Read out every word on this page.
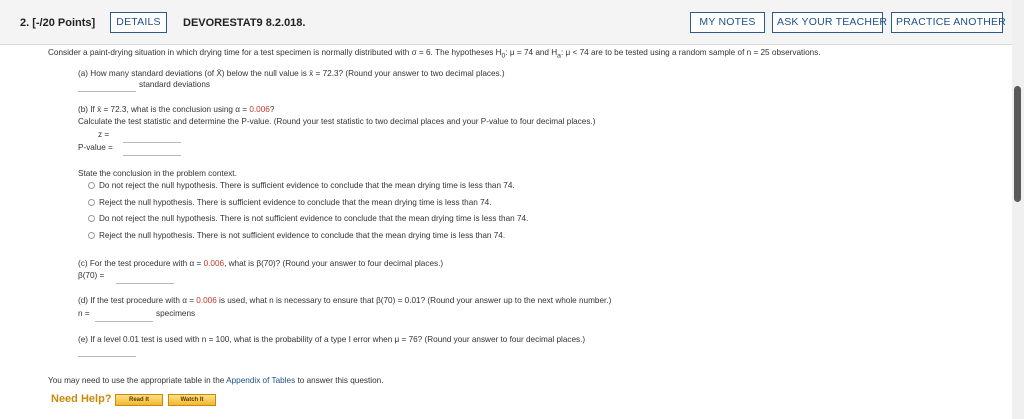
2. [-/20 Points]	DETAILS	DEVORESTAT9 8.2.018.	MY NOTES	ASK YOUR TEACHER PRACTICE ANOTHER
Consider a paint-drying situation in which drying time for a test specimen is normally distributed with σ = 6. The hypotheses $H_0$: μ = 74 and $H_a$: μ < 74 are to be tested using a random sample of n = 25 observations.
(a) How many standard deviations (of X̄) below the null value is x̄ = 72.3? (Round your answer to two decimal places.)
standard deviations
(b) If x̄ = 72.3, what is the conclusion using α = 0.006?
Calculate the test statistic and determine the P-value. (Round your test statistic to two decimal places and your P-value to four decimal places.)
z =
P-value =
State the conclusion in the problem context.
Do not reject the null hypothesis. There is sufficient evidence to conclude that the mean drying time is less than 74.
Reject the null hypothesis. There is sufficient evidence to conclude that the mean drying time is less than 74.
Do not reject the null hypothesis. There is not sufficient evidence to conclude that the mean drying time is less than 74.
Reject the null hypothesis. There is not sufficient evidence to conclude that the mean drying time is less than 74.
(c) For the test procedure with α = 0.006, what is β(70)? (Round your answer to four decimal places.)
β(70) =
(d) If the test procedure with α = 0.006 is used, what n is necessary to ensure that β(70) = 0.01? (Round your answer up to the next whole number.)
n =	specimens
(e) If a level 0.01 test is used with n = 100, what is the probability of a type I error when μ = 76? (Round your answer to four decimal places.)
You may need to use the appropriate table in the Appendix of Tables to answer this question.
Need Help?	Read It	Watch It
